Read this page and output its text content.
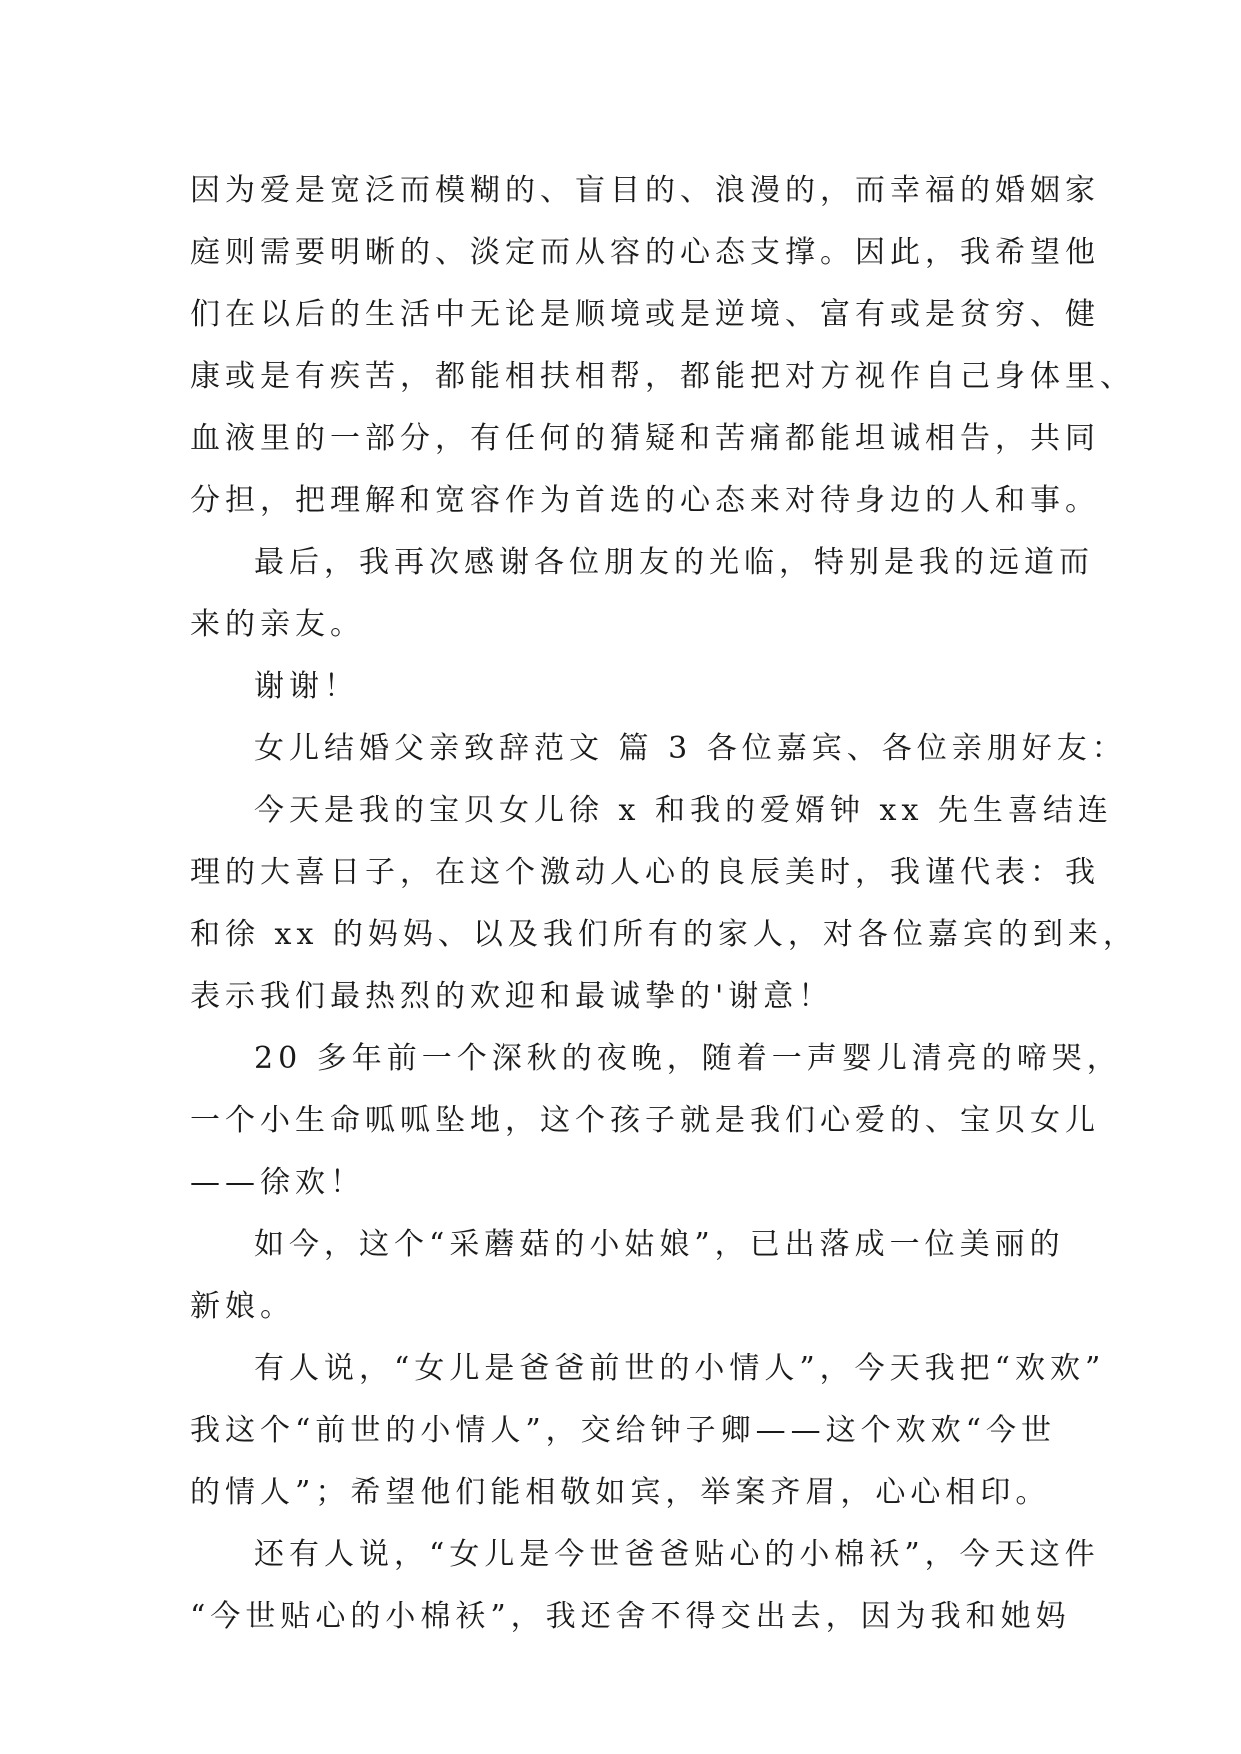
因为爱是宽泛而模糊的、盲目的、浪漫的，而幸福的婚姻家
庭则需要明晰的、淡定而从容的心态支撑。因此，我希望他
们在以后的生活中无论是顺境或是逆境、富有或是贫穷、健
康或是有疾苦，都能相扶相帮，都能把对方视作自己身体里、
血液里的一部分，有任何的猜疑和苦痛都能坦诚相告，共同
分担，把理解和宽容作为首选的心态来对待身边的人和事。
最后，我再次感谢各位朋友的光临，特别是我的远道而
来的亲友。
谢谢！
女儿结婚父亲致辞范文 篇 3 各位嘉宾、各位亲朋好友：
今天是我的宝贝女儿徐 x 和我的爱婿钟 xx 先生喜结连
理的大喜日子，在这个激动人心的良辰美时，我谨代表：我
和徐 xx 的妈妈、以及我们所有的家人，对各位嘉宾的到来，
表示我们最热烈的欢迎和最诚挚的'谢意！
20 多年前一个深秋的夜晚，随着一声婴儿清亮的啼哭，
一个小生命呱呱坠地，这个孩子就是我们心爱的、宝贝女儿
——徐欢！
如今，这个“采蘑菇的小姑娘”，已出落成一位美丽的
新娘。
有人说，“女儿是爸爸前世的小情人”，今天我把“欢欢”
我这个“前世的小情人”，交给钟子卿——这个欢欢“今世
的情人”；希望他们能相敬如宾，举案齐眉，心心相印。
还有人说，“女儿是今世爸爸贴心的小棉袄”，今天这件
“今世贴心的小棉袄”，我还舍不得交出去，因为我和她妈
